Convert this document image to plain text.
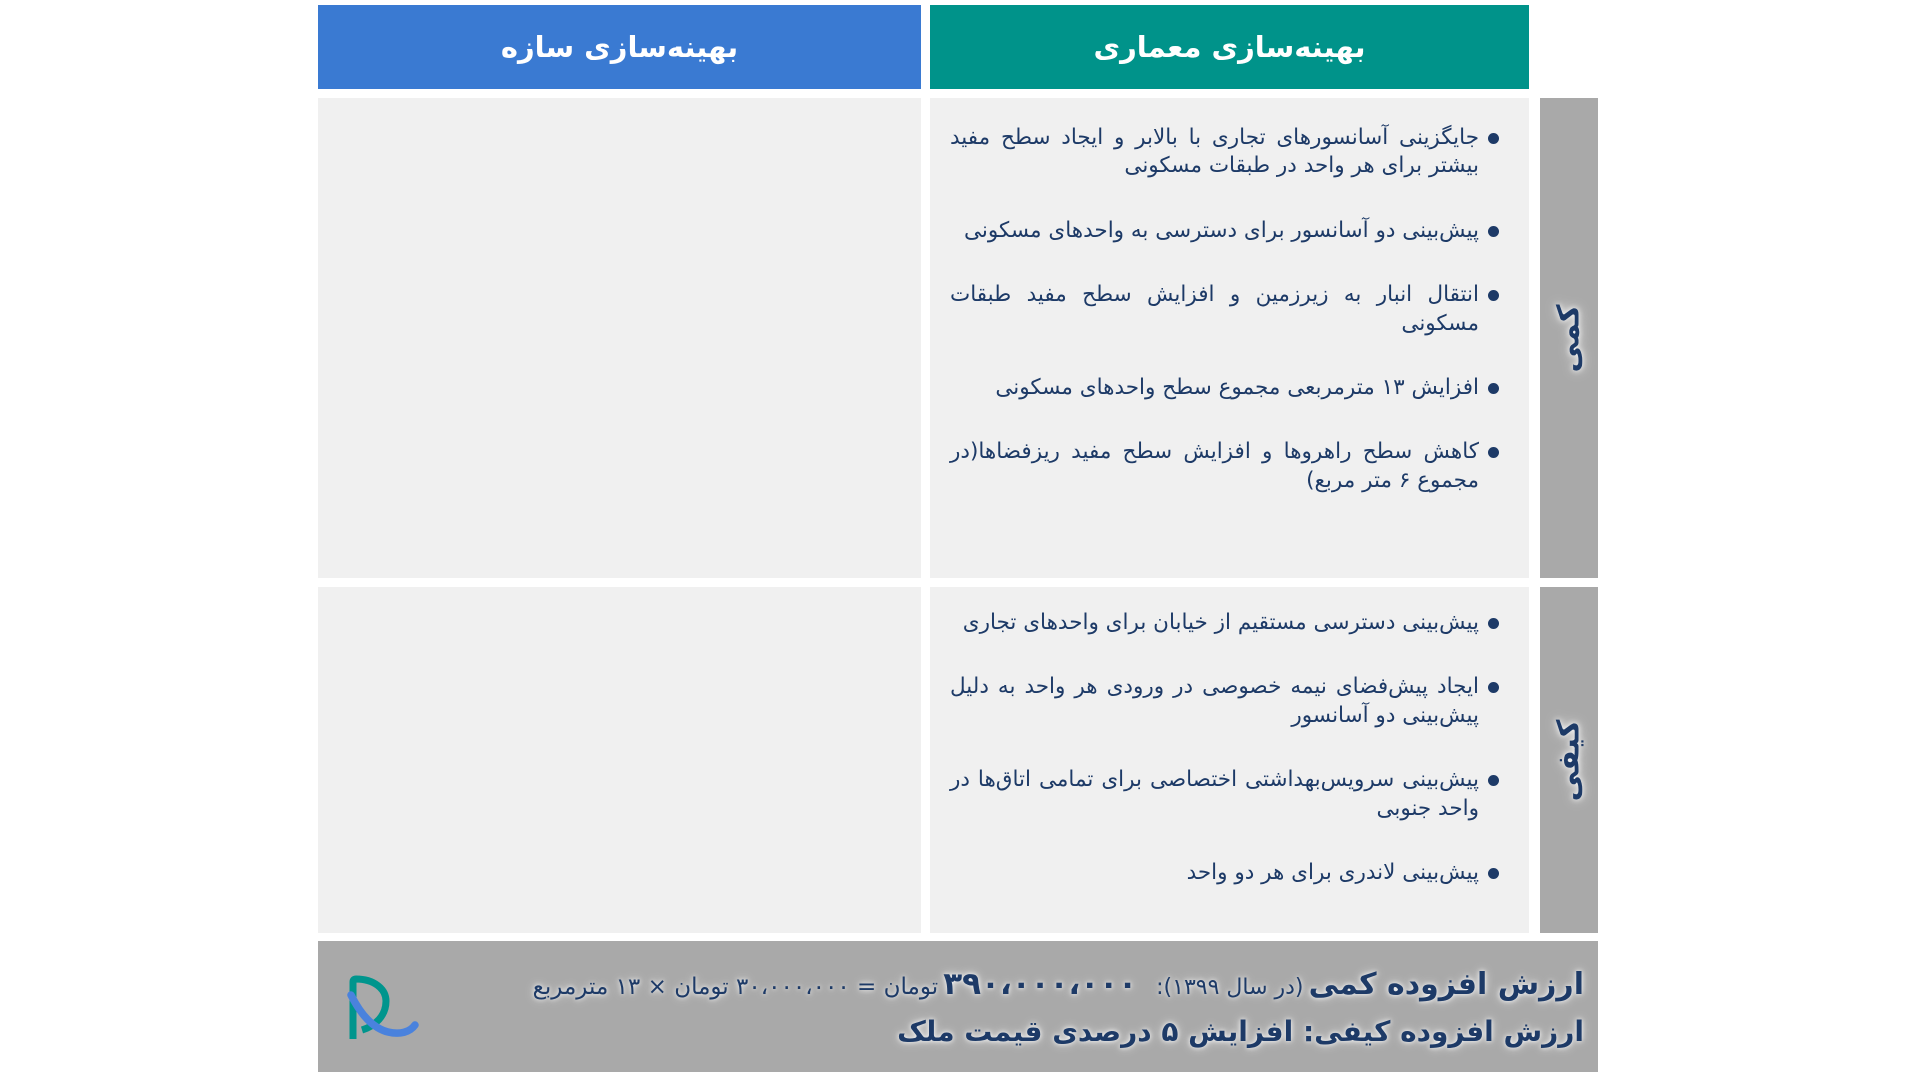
بهینه‌سازی سازه	بهینه‌سازی معماری
جایگزینی آسانسورهای تجاری با بالابر و ایجاد سطح مفید بیشتر برای هر واحد در طبقات مسکونی
پیش‌بینی دو آسانسور برای دسترسی به واحدهای مسکونی
انتقال انبار به زیرزمین و افزایش سطح مفید طبقات مسکونی
افزایش ۱۳ مترمربعی مجموع سطح واحدهای مسکونی
کاهش سطح راهروها و افزایش سطح مفید ریزفضاها(در مجموع ۶ متر مربع)
کمی
پیش‌بینی دسترسی مستقیم از خیابان برای واحدهای تجاری
ایجاد پیش‌فضای نیمه خصوصی در ورودی هر واحد به دلیل پیش‌بینی دو آسانسور
پیش‌بینی سرویس‌بهداشتی اختصاصی برای تمامی اتاق‌ها در واحد جنوبی
پیش‌بینی لاندری برای هر دو واحد
کیفی
ارزش افزوده کمی (در سال ۱۳۹۹): ۳۹۰،۰۰۰،۰۰۰ تومان = ۳۰،۰۰۰،۰۰۰ تومان × ۱۳ مترمربع
ارزش افزوده کیفی: افزایش ۵ درصدی قیمت ملک
